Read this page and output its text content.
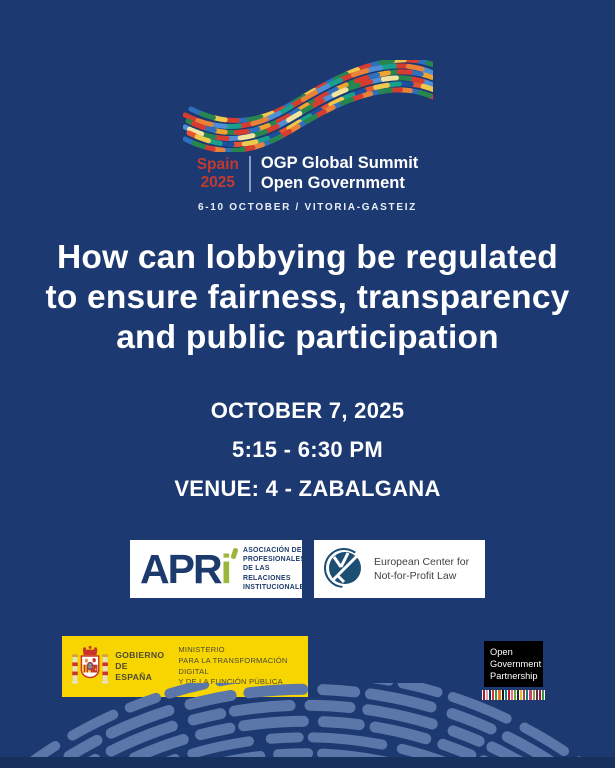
Spain
2025
OGP Global Summit
Open Government
6-10 OCTOBER / VITORIA-GASTEIZ
How can lobbying be regulated
to ensure fairness, transparency
and public participation
OCTOBER 7, 2025
5:15 - 6:30 PM
VENUE: 4 - ZABALGANA
APR i ASOCIACIÓN DE
PROFESIONALES
DE LAS RELACIONES
INSTITUCIONALES
European Center for
Not-for-Profit Law
GOBIERNO
DE ESPAÑA
MINISTERIO
PARA LA TRANSFORMACIÓN DIGITAL
Y DE LA FUNCIÓN PÚBLICA
Open
Government
Partnership
